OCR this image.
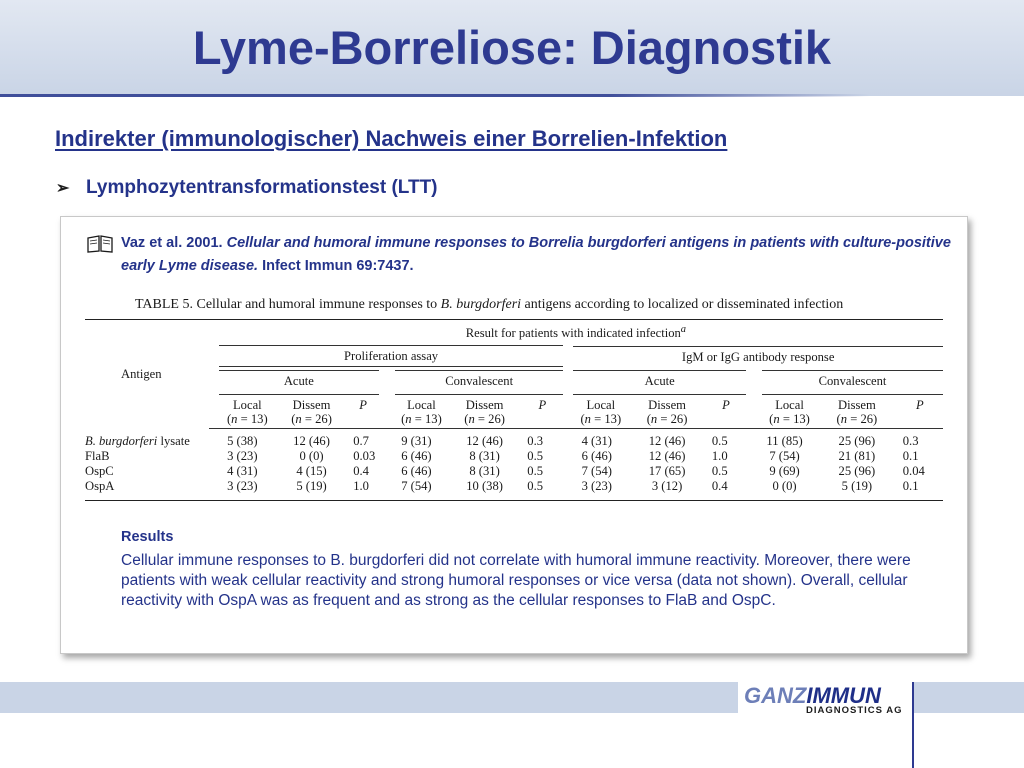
Lyme-Borreliose: Diagnostik
Indirekter (immunologischer) Nachweis einer Borrelien-Infektion
➢ Lymphozytentransformationstest (LTT)
Vaz et al. 2001. Cellular and humoral immune responses to Borrelia burgdorferi antigens in patients with culture-positive early Lyme disease. Infect Immun 69:7437.
TABLE 5. Cellular and humoral immune responses to B. burgdorferi antigens according to localized or disseminated infection
Antigen	Result for patients with indicated infection$^a$

	Proliferation assay						IgM or IgG antibody response					

	Acute			Convalescent			Acute			Convalescent		

	Local
(n = 13)	Dissem
(n = 26)	P	Local
(n = 13)	Dissem
(n = 26)	P	Local
(n = 13)	Dissem
(n = 26)	P	Local
(n = 13)	Dissem
(n = 26)	P

B. burgdorferi lysate	5 (38)	12 (46)	0.7	9 (31)	12 (46)	0.3	4 (31)	12 (46)	0.5	11 (85)	25 (96)	0.3
FlaB	3 (23)	0 (0)	0.03	6 (46)	8 (31)	0.5	6 (46)	12 (46)	1.0	7 (54)	21 (81)	0.1
OspC	4 (31)	4 (15)	0.4	6 (46)	8 (31)	0.5	7 (54)	17 (65)	0.5	9 (69)	25 (96)	0.04
OspA	3 (23)	5 (19)	1.0	7 (54)	10 (38)	0.5	3 (23)	3 (12)	0.4	0 (0)	5 (19)	0.1
Results
Cellular immune responses to B. burgdorferi did not correlate with humoral immune reactivity. Moreover, there were patients with weak cellular reactivity and strong humoral responses or vice versa (data not shown). Overall, cellular reactivity with OspA was as frequent and as strong as the cellular responses to FlaB and OspC.
GANZIMMUN
DIAGNOSTICS AG
